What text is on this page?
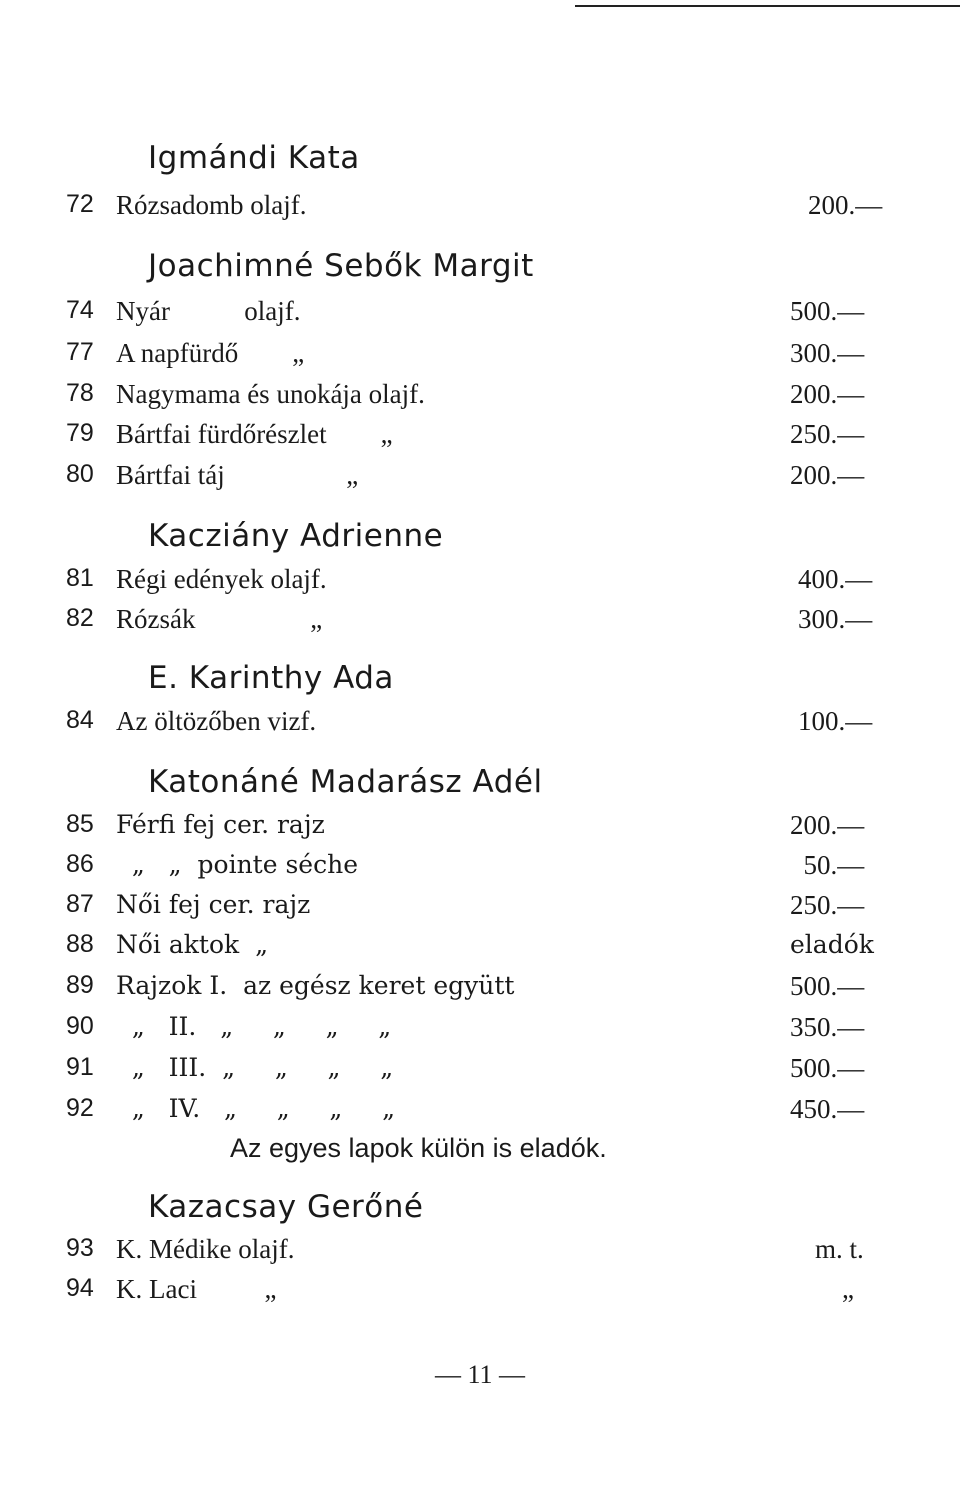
Igmándi Kata
72 Rózsadomb olajf.	200.—
Joachimné Sebők Margit
74 Nyár           olajf.	500.—
77 A napfürdő        „	300.—
78 Nagymama és unokája olajf.	200.—
79 Bártfai fürdőrészlet        „	250.—
80 Bártfai táj                  „	200.—
Kacziány Adrienne
81 Régi edények olajf.	400.—
82 Rózsák                 „	300.—
E. Karinthy Ada
84 Az öltözőben vizf.	100.—
Katonáné Madarász Adél
85 Férfi fej cer. rajz	200.—
86 „   „  pointe séche	50.—
87 Női fej cer. rajz	250.—
88 Női aktok  „	eladók
89 Rajzok I.  az egész keret együtt	500.—
90 „   II.   „     „     „     „	350.—
91 „   III.  „     „     „     „	500.—
92 „   IV.   „     „     „     „	450.—
Az egyes lapok külön is eladók.
Kazacsay Gerőné
93 K. Médike olajf.	m. t.
94 K. Laci          „	„
— 11 —
